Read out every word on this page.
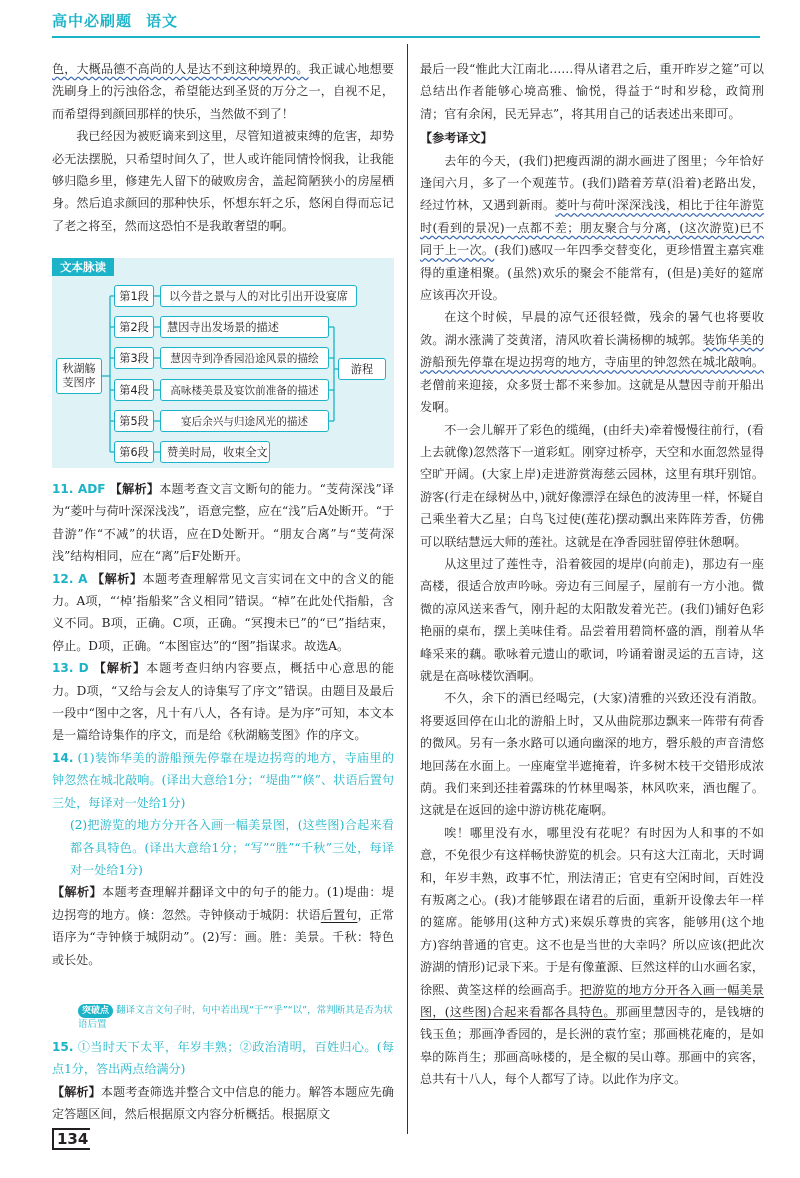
高中必刷题 语文

色，大概品德不高尚的人是达不到这种境界的。我正诚心地想要洗刷身上的污浊俗念，希望能达到圣贤的万分之一，自视不足，而希望得到颜回那样的快乐，当然做不到了！

我已经因为被贬谪来到这里，尽管知道被束缚的危害，却势必无法摆脱，只希望时间久了，世人或许能同情怜悯我，让我能够归隐乡里，修建先人留下的破败房舍，盖起简陋狭小的房屋栖身。然后追求颜回的那种快乐，怀想东轩之乐，悠闲自得而忘记了老之将至，然而这恐怕不是我敢奢望的啊。

文本脉读
秋湖觞
芰图序
第1段	以今昔之景与人的对比引出开设宴席
第2段	慧因寺出发场景的描述
第3段	慧因寺到净香园沿途风景的描绘
第4段	高咏楼美景及宴饮前准备的描述
第5段	宴后余兴与归途风光的描述
第6段	赞美时局，收束全文
游程

11. ADF 【解析】本题考查文言文断句的能力。“芰荷深浅”译为“菱叶与荷叶深深浅浅”，语意完整，应在“浅”后A处断开。“于昔游”作“不减”的状语，应在D处断开。“朋友合离”与“芰荷深浅”结构相同，应在“离”后F处断开。

12. A 【解析】本题考查理解常见文言实词在文中的含义的能力。A项，“‘棹’指船桨”含义相同”错误。“棹”在此处代指船，含义不同。B项，正确。C项，正确。“冥搜未已”的“已”指结束，停止。D项，正确。“本图宦达”的“图”指谋求。故选A。

13. D 【解析】本题考查归纳内容要点，概括中心意思的能力。D项，“又给与会友人的诗集写了序文”错误。由题目及最后一段中“图中之客，凡十有八人，各有诗。是为序”可知，本文本是一篇给诗集作的序文，而是给《秋湖觞芰图》作的序文。

14. (1)装饰华美的游船预先停靠在堤边拐弯的地方，寺庙里的钟忽然在城北敲响。(译出大意给1分；“堤曲”“倏”、状语后置句三处，每译对一处给1分)

(2)把游览的地方分开各入画一幅美景图，(这些图)合起来看都各具特色。(译出大意给1分；“写”“胜”“千秋”三处，每译对一处给1分)

【解析】本题考查理解并翻译文中的句子的能力。(1)堤曲：堤边拐弯的地方。倏：忽然。寺钟倏动于城阴：状语后置句，正常语序为“寺钟倏于城阴动”。(2)写：画。胜：美景。千秋：特色或长处。

突破点 翻译文言文句子时，句中若出现“于”“乎”“以”，常判断其是否为状语后置

15. ①当时天下太平，年岁丰熟；②政治清明，百姓归心。(每点1分，答出两点给满分)

【解析】本题考查筛选并整合文中信息的能力。解答本题应先确定答题区间，然后根据原文内容分析概括。根据原文

最后一段“惟此大江南北……得从诸君之后，重开昨岁之筵”可以总结出作者能够心境高雅、愉悦，得益于“时和岁稔，政简刑清；官有余闲，民无异志”，将其用自己的话表述出来即可。

【参考译文】

去年的今天，(我们)把瘦西湖的湖水画进了图里；今年恰好逢闰六月，多了一个观莲节。(我们)踏着芳草(沿着)老路出发，经过竹林，又遇到新雨。菱叶与荷叶深深浅浅，相比于往年游览时(看到的景况)一点都不差；朋友聚合与分离，(这次游览)已不同于上一次。(我们)感叹一年四季交替变化，更珍惜置主嘉宾难得的重逢相聚。(虽然)欢乐的聚会不能常有，(但是)美好的筵席应该再次开设。

在这个时候，早晨的凉气还很轻微，残余的暑气也将要收敛。湖水涨满了茭黄渚，清风吹着长满杨柳的城郭。装饰华美的游船预先停靠在堤边拐弯的地方，寺庙里的钟忽然在城北敲响。老僧前来迎接，众多贤士都不来参加。这就是从慧因寺前开船出发啊。

不一会儿解开了彩色的缆绳，(由纤夫)牵着慢慢往前行，(看上去就像)忽然落下一道彩虹。刚穿过桥亭，天空和水面忽然显得空旷开阔。(大家上岸)走进游赏海慈云园林，这里有琪玕别馆。游客(行走在绿树丛中，)就好像漂浮在绿色的波涛里一样，怀疑自己乘坐着大乙星；白鸟飞过使(莲花)摆动飘出来阵阵芳香，仿佛可以联结慧远大师的莲社。这就是在净香园驻留停驻休憩啊。

从这里过了莲性寺，沿着筱园的堤岸(向前走)，那边有一座高楼，很适合放声吟咏。旁边有三间屋子，屋前有一方小池。微微的凉风送来香气，刚升起的太阳散发着光芒。(我们)铺好色彩艳丽的桌布，摆上美味佳肴。品尝着用碧筒杯盛的酒，削着从华峰采来的藕。歌咏着元遗山的歌词，吟诵着谢灵运的五言诗，这就是在高咏楼饮酒啊。

不久，余下的酒已经喝完，(大家)清雅的兴致还没有消散。将要返回停在山北的游船上时，又从曲院那边飘来一阵带有荷香的微风。另有一条水路可以通向幽深的地方，磬乐般的声音清悠地回荡在水面上。一座庵堂半遮掩着，许多树木枝干交错形成浓荫。我们来到还挂着露珠的竹林里喝茶，林风吹来，酒也醒了。这就是在返回的途中游访桃花庵啊。

唉！哪里没有水，哪里没有花呢？有时因为人和事的不如意，不免很少有这样畅快游览的机会。只有这大江南北，天时调和，年岁丰熟，政事不忙，刑法清正；官吏有空闲时间，百姓没有叛离之心。(我)才能够跟在诸君的后面，重新开设像去年一样的筵席。能够用(这种方式)来娱乐尊贵的宾客，能够用(这个地方)容纳普通的官吏。这不也是当世的大幸吗？所以应该(把此次游湖的情形)记录下来。于是有像董源、巨然这样的山水画名家，徐熙、黄筌这样的绘画高手。把游览的地方分开各入画一幅美景图，(这些图)合起来看都各具特色。那画里慧因寺的，是钱塘的钱玉鱼；那画净香园的，是长洲的袁竹室；那画桃花庵的，是如皋的陈肖生；那画高咏楼的，是全椒的吴山尊。那画中的宾客，总共有十八人，每个人都写了诗。以此作为序文。

134
